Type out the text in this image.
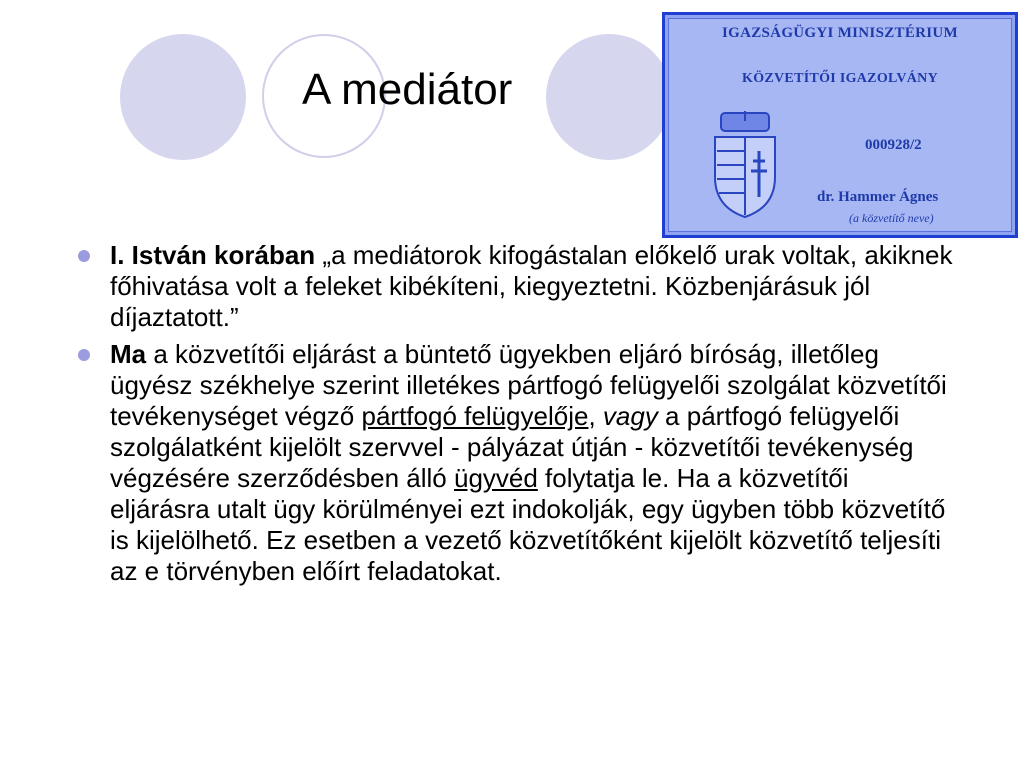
A mediátor
IGAZSÁGÜGYI MINISZTÉRIUM
KÖZVETÍTŐI IGAZOLVÁNY
000928/2
dr. Hammer Ágnes
(a közvetítő neve)
I. István korában „a mediátorok kifogástalan előkelő urak voltak, akiknek főhivatása volt a feleket kibékíteni, kiegyeztetni. Közbenjárásuk jól díjaztatott.”
Ma a közvetítői eljárást a büntető ügyekben eljáró bíróság, illetőleg ügyész székhelye szerint illetékes pártfogó felügyelői szolgálat közvetítői tevékenységet végző pártfogó felügyelője, vagy a pártfogó felügyelői szolgálatként kijelölt szervvel - pályázat útján - közvetítői tevékenység végzésére szerződésben álló ügyvéd folytatja le. Ha a közvetítői eljárásra utalt ügy körülményei ezt indokolják, egy ügyben több közvetítő is kijelölhető. Ez esetben a vezető közvetítőként kijelölt közvetítő teljesíti az e törvényben előírt feladatokat.
